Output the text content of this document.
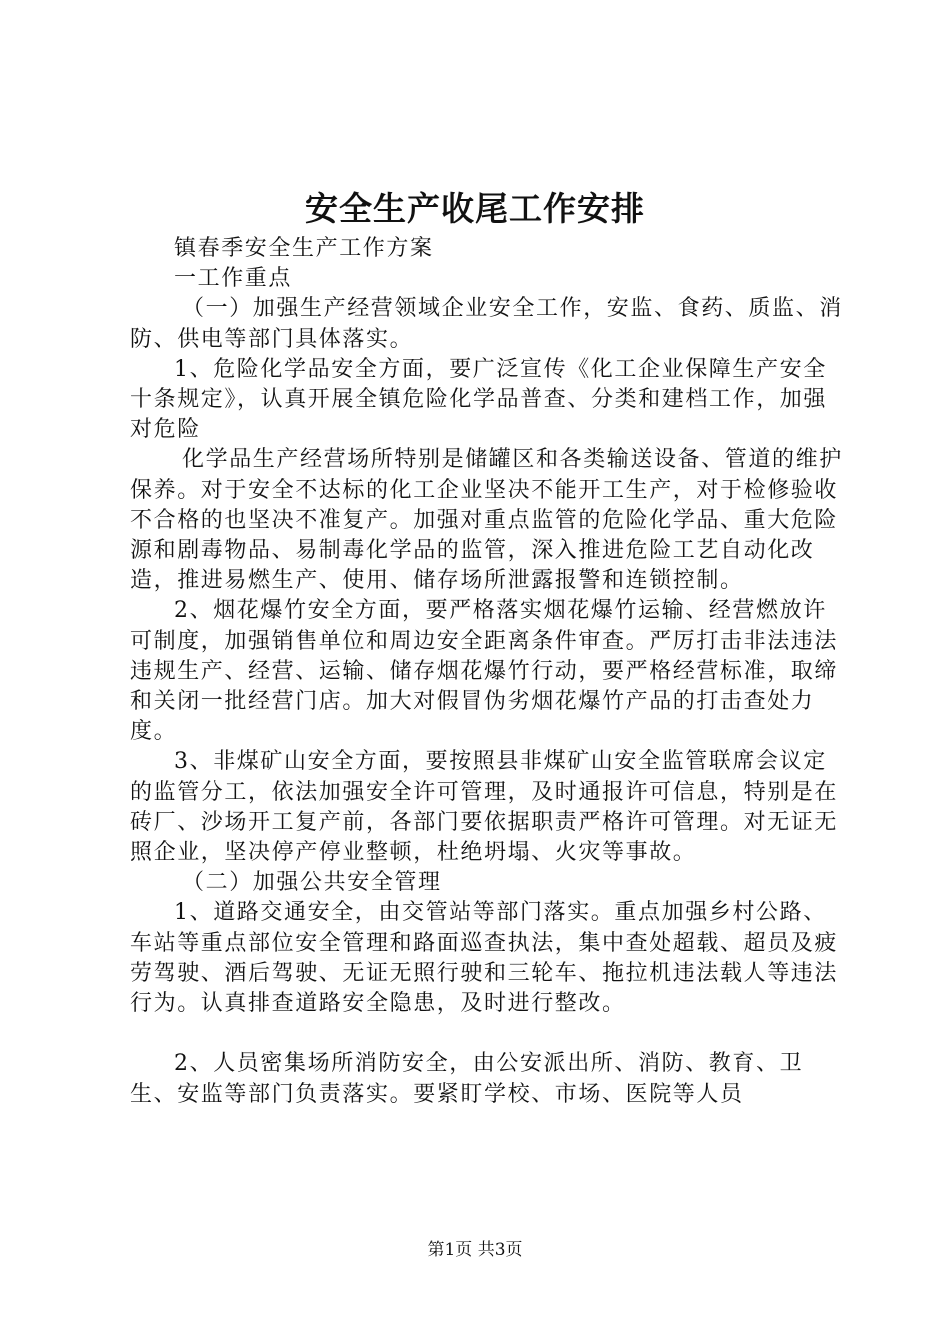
安全生产收尾工作安排

镇春季安全生产工作方案

一工作重点

（一）加强生产经营领域企业安全工作，安监、食药、质监、消防、供电等部门具体落实。

1、危险化学品安全方面，要广泛宣传《化工企业保障生产安全十条规定》，认真开展全镇危险化学品普查、分类和建档工作，加强对危险

化学品生产经营场所特别是储罐区和各类输送设备、管道的维护保养。对于安全不达标的化工企业坚决不能开工生产，对于检修验收不合格的也坚决不准复产。加强对重点监管的危险化学品、重大危险源和剧毒物品、易制毒化学品的监管，深入推进危险工艺自动化改造，推进易燃生产、使用、储存场所泄露报警和连锁控制。

2、烟花爆竹安全方面，要严格落实烟花爆竹运输、经营燃放许可制度，加强销售单位和周边安全距离条件审查。严厉打击非法违法违规生产、经营、运输、储存烟花爆竹行动，要严格经营标准，取缔和关闭一批经营门店。加大对假冒伪劣烟花爆竹产品的打击查处力度。

3、非煤矿山安全方面，要按照县非煤矿山安全监管联席会议定的监管分工，依法加强安全许可管理，及时通报许可信息，特别是在砖厂、沙场开工复产前，各部门要依据职责严格许可管理。对无证无照企业，坚决停产停业整顿，杜绝坍塌、火灾等事故。

（二）加强公共安全管理

1、道路交通安全，由交管站等部门落实。重点加强乡村公路、车站等重点部位安全管理和路面巡查执法，集中查处超载、超员及疲劳驾驶、酒后驾驶、无证无照行驶和三轮车、拖拉机违法载人等违法行为。认真排查道路安全隐患，及时进行整改。

2、人员密集场所消防安全，由公安派出所、消防、教育、卫生、安监等部门负责落实。要紧盯学校、市场、医院等人员

第1页 共3页
